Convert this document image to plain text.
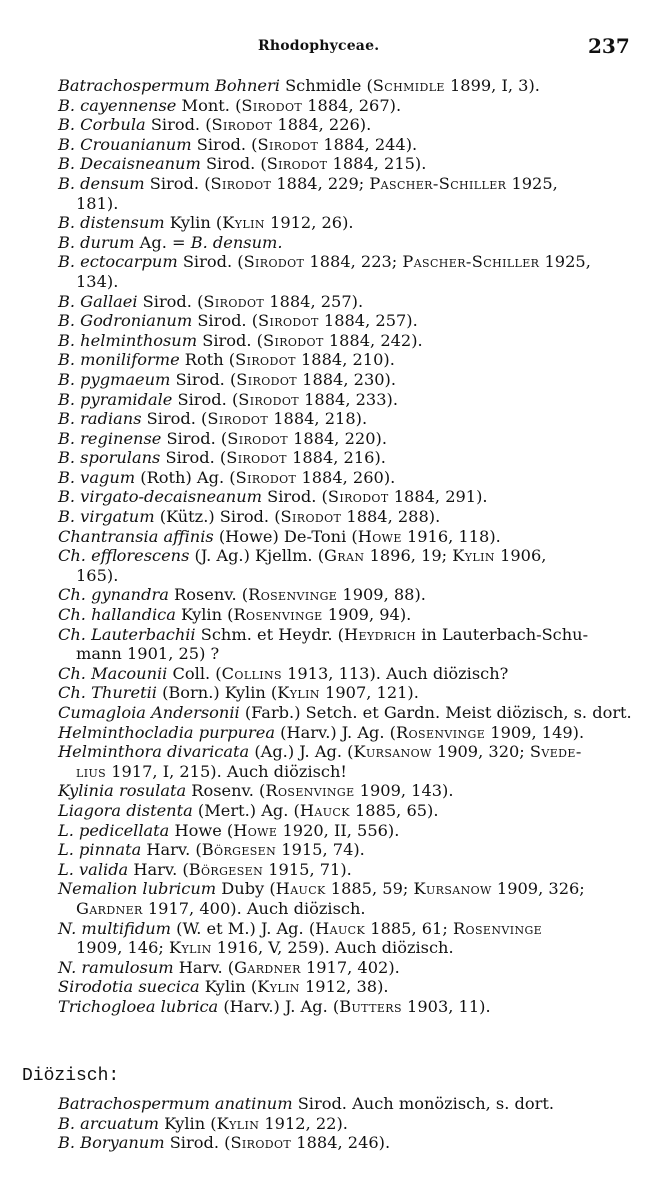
Rhodophyceae.	237

Batrachospermum Bohneri Schmidle (Schmidle 1899, I, 3).

B. cayennense Mont. (Sirodot 1884, 267).

B. Corbula Sirod. (Sirodot 1884, 226).

B. Crouanianum Sirod. (Sirodot 1884, 244).

B. Decaisneanum Sirod. (Sirodot 1884, 215).

B. densum Sirod. (Sirodot 1884, 229; Pascher-Schiller 1925,
181).

B. distensum Kylin (Kylin 1912, 26).

B. durum Ag. = B. densum.

B. ectocarpum Sirod. (Sirodot 1884, 223; Pascher-Schiller 1925,
134).

B. Gallaei Sirod. (Sirodot 1884, 257).

B. Godronianum Sirod. (Sirodot 1884, 257).

B. helminthosum Sirod. (Sirodot 1884, 242).

B. moniliforme Roth (Sirodot 1884, 210).

B. pygmaeum Sirod. (Sirodot 1884, 230).

B. pyramidale Sirod. (Sirodot 1884, 233).

B. radians Sirod. (Sirodot 1884, 218).

B. reginense Sirod. (Sirodot 1884, 220).

B. sporulans Sirod. (Sirodot 1884, 216).

B. vagum (Roth) Ag. (Sirodot 1884, 260).

B. virgato-decaisneanum Sirod. (Sirodot 1884, 291).

B. virgatum (Kütz.) Sirod. (Sirodot 1884, 288).

Chantransia affinis (Howe) De-Toni (Howe 1916, 118).

Ch. efflorescens (J. Ag.) Kjellm. (Gran 1896, 19; Kylin 1906,
165).

Ch. gynandra Rosenv. (Rosenvinge 1909, 88).

Ch. hallandica Kylin (Rosenvinge 1909, 94).

Ch. Lauterbachii Schm. et Heydr. (Heydrich in Lauterbach-Schu-
mann 1901, 25) ?

Ch. Macounii Coll. (Collins 1913, 113). Auch diözisch?

Ch. Thuretii (Born.) Kylin (Kylin 1907, 121).

Cumagloia Andersonii (Farb.) Setch. et Gardn. Meist diözisch, s. dort.

Helminthocladia purpurea (Harv.) J. Ag. (Rosenvinge 1909, 149).

Helminthora divaricata (Ag.) J. Ag. (Kursanow 1909, 320; Svede-
lius 1917, I, 215). Auch diözisch!

Kylinia rosulata Rosenv. (Rosenvinge 1909, 143).

Liagora distenta (Mert.) Ag. (Hauck 1885, 65).

L. pedicellata Howe (Howe 1920, II, 556).

L. pinnata Harv. (Börgesen 1915, 74).

L. valida Harv. (Börgesen 1915, 71).

Nemalion lubricum Duby (Hauck 1885, 59; Kursanow 1909, 326;
Gardner 1917, 400). Auch diözisch.

N. multifidum (W. et M.) J. Ag. (Hauck 1885, 61; Rosenvinge
1909, 146; Kylin 1916, V, 259). Auch diözisch.

N. ramulosum Harv. (Gardner 1917, 402).

Sirodotia suecica Kylin (Kylin 1912, 38).

Trichogloea lubrica (Harv.) J. Ag. (Butters 1903, 11).

Diözisch:

Batrachospermum anatinum Sirod. Auch monözisch, s. dort.

B. arcuatum Kylin (Kylin 1912, 22).

B. Boryanum Sirod. (Sirodot 1884, 246).
